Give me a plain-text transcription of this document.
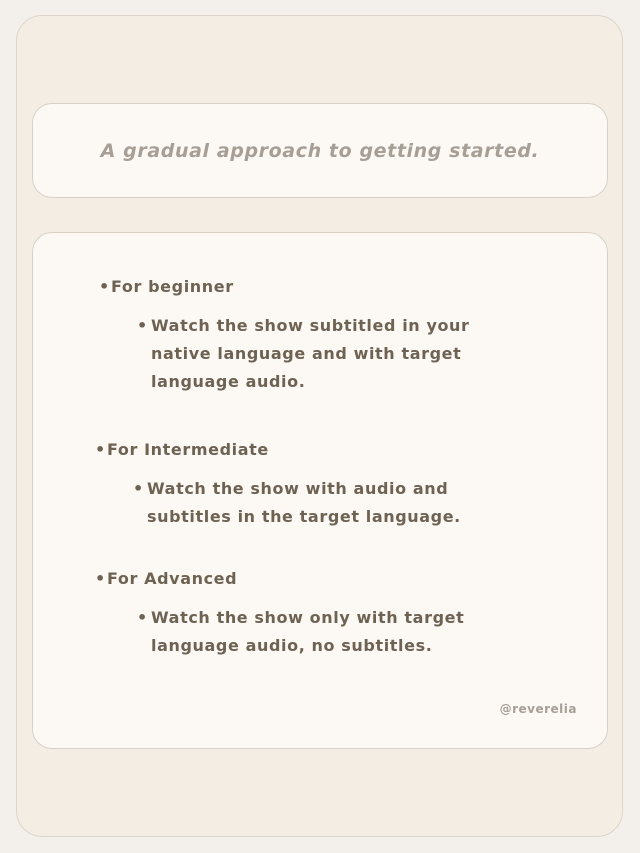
A gradual approach to getting started.
•For beginner
• Watch the show subtitled in your native language and with target language audio.
•For Intermediate
• Watch the show with audio and subtitles in the target language.
•For Advanced
• Watch the show only with target language audio, no subtitles.
@reverelia
